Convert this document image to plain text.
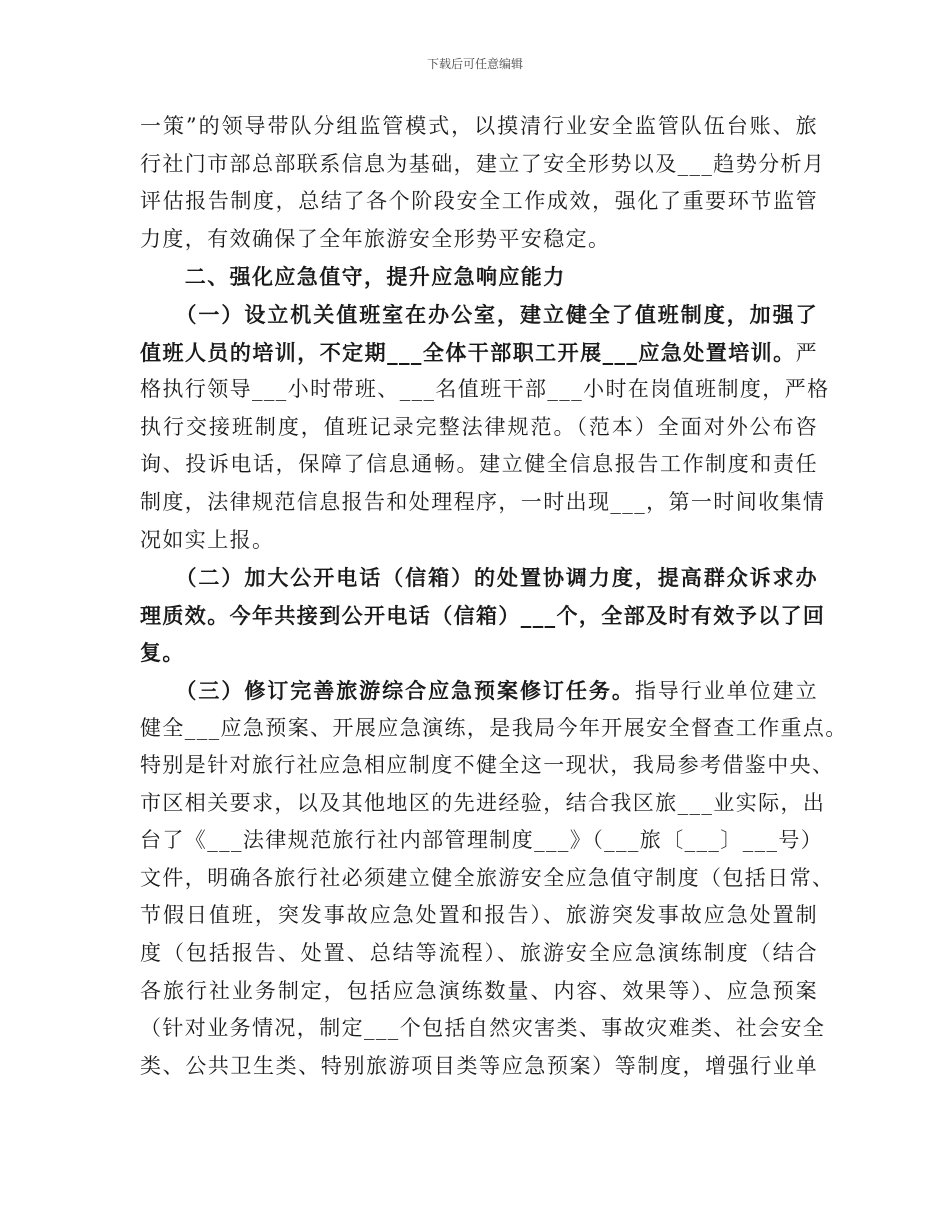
下载后可任意编辑
一策”的领导带队分组监管模式，以摸清行业安全监管队伍台账、旅
行社门市部总部联系信息为基础，建立了安全形势以及___趋势分析月
评估报告制度，总结了各个阶段安全工作成效，强化了重要环节监管
力度，有效确保了全年旅游安全形势平安稳定。
　　二、强化应急值守，提升应急响应能力
　　（一）设立机关值班室在办公室，建立健全了值班制度，加强了
值班人员的培训，不定期___全体干部职工开展___应急处置培训。严
格执行领导___小时带班、___名值班干部___小时在岗值班制度，严格
执行交接班制度，值班记录完整法律规范。（范本）全面对外公布咨
询、投诉电话，保障了信息通畅。建立健全信息报告工作制度和责任
制度，法律规范信息报告和处理程序，一时出现___，第一时间收集情
况如实上报。
　　（二）加大公开电话（信箱）的处置协调力度，提高群众诉求办
理质效。今年共接到公开电话（信箱）___个，全部及时有效予以了回
复。
　　（三）修订完善旅游综合应急预案修订任务。指导行业单位建立
健全___应急预案、开展应急演练，是我局今年开展安全督查工作重点。
特别是针对旅行社应急相应制度不健全这一现状，我局参考借鉴中央、
市区相关要求，以及其他地区的先进经验，结合我区旅___业实际，出
台了《___法律规范旅行社内部管理制度___》（___旅〔___〕___号）
文件，明确各旅行社必须建立健全旅游安全应急值守制度（包括日常、
节假日值班，突发事故应急处置和报告）、旅游突发事故应急处置制
度（包括报告、处置、总结等流程）、旅游安全应急演练制度（结合
各旅行社业务制定，包括应急演练数量、内容、效果等）、应急预案
（针对业务情况，制定___个包括自然灾害类、事故灾难类、社会安全
类、公共卫生类、特别旅游项目类等应急预案）等制度，增强行业单
